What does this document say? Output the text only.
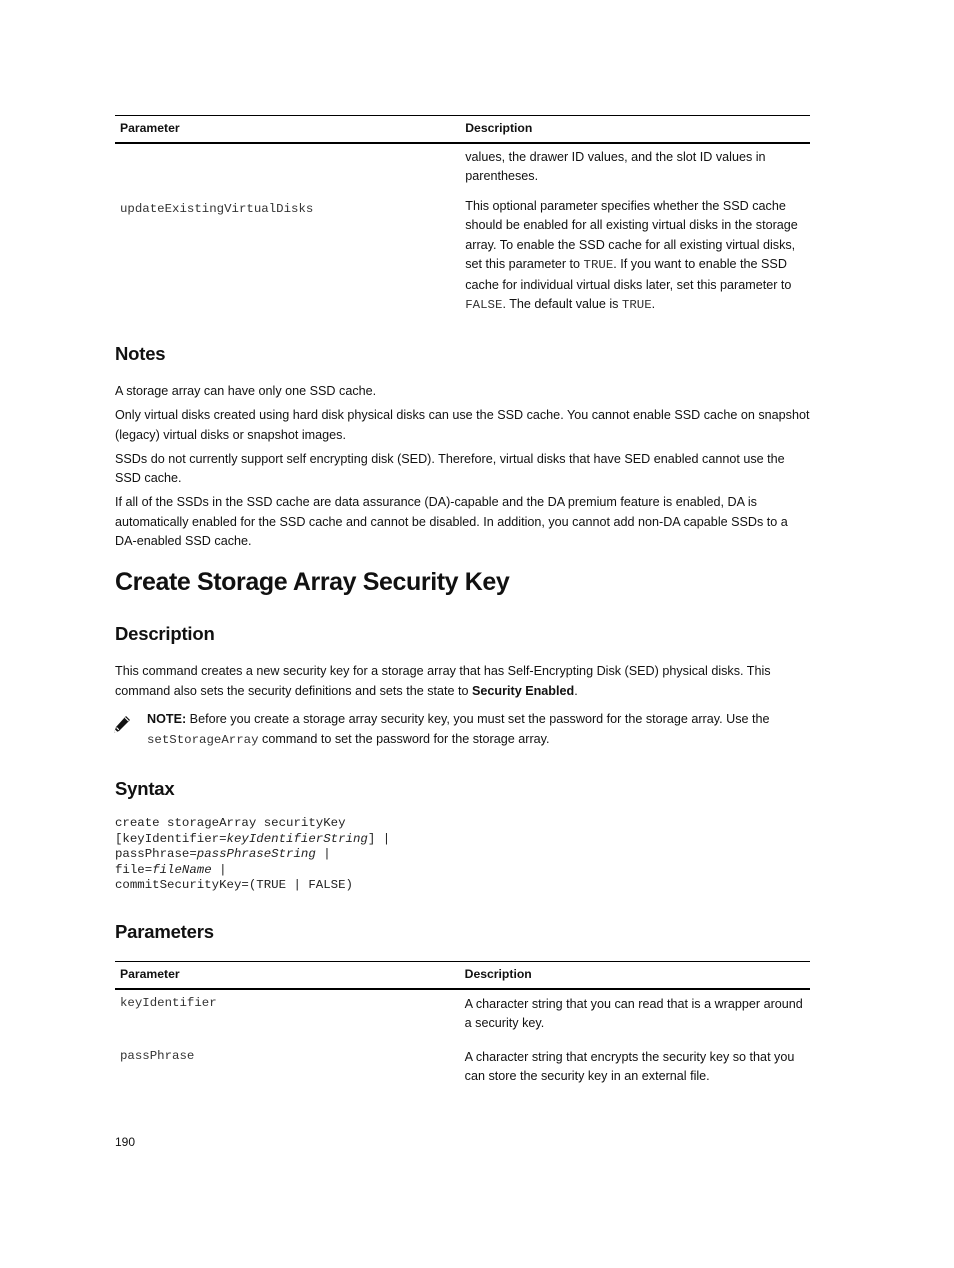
Parameter	Description
	values, the drawer ID values, and the slot ID values in parentheses.
updateExistingVirtualDisks	This optional parameter specifies whether the SSD cache should be enabled for all existing virtual disks in the storage array. To enable the SSD cache for all existing virtual disks, set this parameter to TRUE. If you want to enable the SSD cache for individual virtual disks later, set this parameter to FALSE. The default value is TRUE.
Notes

A storage array can have only one SSD cache.

Only virtual disks created using hard disk physical disks can use the SSD cache. You cannot enable SSD cache on snapshot (legacy) virtual disks or snapshot images.

SSDs do not currently support self encrypting disk (SED). Therefore, virtual disks that have SED enabled cannot use the SSD cache.

If all of the SSDs in the SSD cache are data assurance (DA)-capable and the DA premium feature is enabled, DA is automatically enabled for the SSD cache and cannot be disabled. In addition, you cannot add non-DA capable SSDs to a DA-enabled SSD cache.

Create Storage Array Security Key
Description

This command creates a new security key for a storage array that has Self-Encrypting Disk (SED) physical disks. This command also sets the security definitions and sets the state to Security Enabled.

NOTE: Before you create a storage array security key, you must set the password for the storage array. Use the setStorageArray command to set the password for the storage array.

Syntax
create storageArray securityKey
[keyIdentifier=keyIdentifierString] |
passPhrase=passPhraseString |
file=fileName |
commitSecurityKey=(TRUE | FALSE)
Parameters
Parameter	Description
keyIdentifier	A character string that you can read that is a wrapper around a security key.
passPhrase	A character string that encrypts the security key so that you can store the security key in an external file.
190
